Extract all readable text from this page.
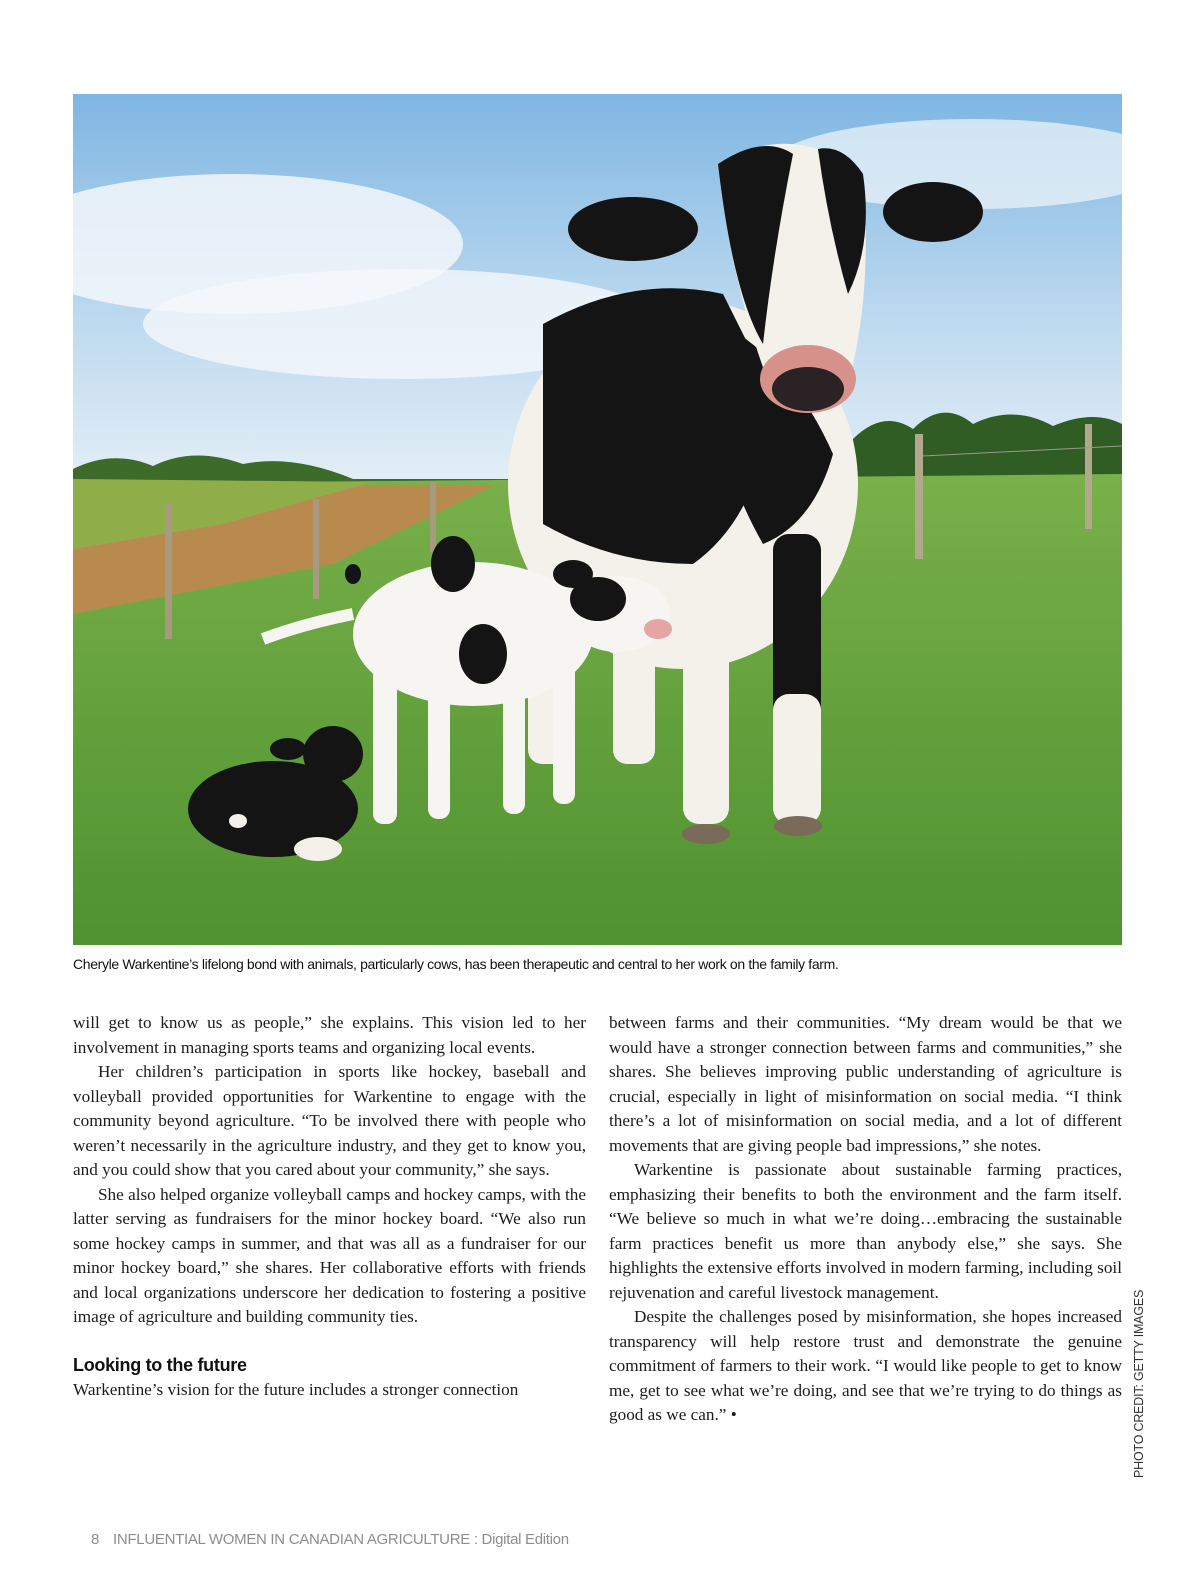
Cheryle Warkentine’s lifelong bond with animals, particularly cows, has been therapeutic and central to her work on the family farm.

will get to know us as people,” she explains. This vision led to her involvement in managing sports teams and organizing local events.

Her children’s participation in sports like hockey, baseball and volleyball provided opportunities for Warkentine to engage with the community beyond agriculture. “To be involved there with people who weren’t necessarily in the agriculture industry, and they get to know you, and you could show that you cared about your community,” she says.

She also helped organize volleyball camps and hockey camps, with the latter serving as fundraisers for the minor hockey board. “We also run some hockey camps in summer, and that was all as a fundraiser for our minor hockey board,” she shares. Her collaborative efforts with friends and local organizations underscore her dedication to fostering a positive image of agriculture and building community ties.

Looking to the future

Warkentine’s vision for the future includes a stronger connection

between farms and their communities. “My dream would be that we would have a stronger connection between farms and communities,” she shares. She believes improving public understanding of agriculture is crucial, especially in light of misinformation on social media. “I think there’s a lot of misinformation on social media, and a lot of different movements that are giving people bad impressions,” she notes.

Warkentine is passionate about sustainable farming practices, emphasizing their benefits to both the environment and the farm itself. “We believe so much in what we’re doing…embracing the sustainable farm practices benefit us more than anybody else,” she says. She highlights the extensive efforts involved in modern farming, including soil rejuvenation and careful livestock management.

Despite the challenges posed by misinformation, she hopes increased transparency will help restore trust and demonstrate the genuine commitment of farmers to their work. “I would like people to get to know me, get to see what we’re doing, and see that we’re trying to do things as good as we can.” •	PHOTO CREDIT: GETTY IMAGES
8 INFLUENTIAL WOMEN IN CANADIAN AGRICULTURE : Digital Edition
